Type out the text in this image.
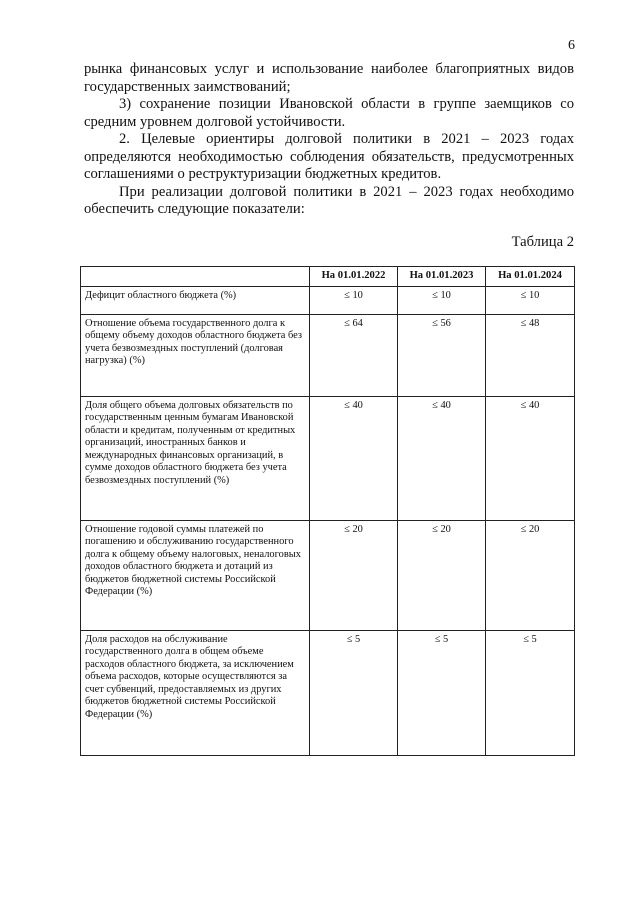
6

рынка финансовых услуг и использование наиболее благоприятных видов государственных заимствований;

3) сохранение позиции Ивановской области в группе заемщиков со средним уровнем долговой устойчивости.

2. Целевые ориентиры долговой политики в 2021 – 2023 годах определяются необходимостью соблюдения обязательств, предусмотренных соглашениями о реструктуризации бюджетных кредитов.

При реализации долговой политики в 2021 – 2023 годах необходимо обеспечить следующие показатели:

Таблица 2
	На 01.01.2022	На 01.01.2023	На 01.01.2024
Дефицит областного бюджета (%)	≤ 10	≤ 10	≤ 10
Отношение объема государственного долга к общему объему доходов областного бюджета без учета безвозмездных поступлений (долговая нагрузка) (%)	≤ 64	≤ 56	≤ 48
Доля общего объема долговых обязательств по государственным ценным бумагам Ивановской области и кредитам, полученным от кредитных организаций, иностранных банков и международных финансовых организаций, в сумме доходов областного бюджета без учета безвозмездных поступлений (%)	≤ 40	≤ 40	≤ 40
Отношение годовой суммы платежей по погашению и обслуживанию государственного долга к общему объему налоговых, неналоговых доходов областного бюджета и дотаций из бюджетов бюджетной системы Российской Федерации (%)	≤ 20	≤ 20	≤ 20
Доля расходов на обслуживание государственного долга в общем объеме расходов областного бюджета, за исключением объема расходов, которые осуществляются за счет субвенций, предоставляемых из других бюджетов бюджетной системы Российской Федерации (%)	≤ 5	≤ 5	≤ 5
